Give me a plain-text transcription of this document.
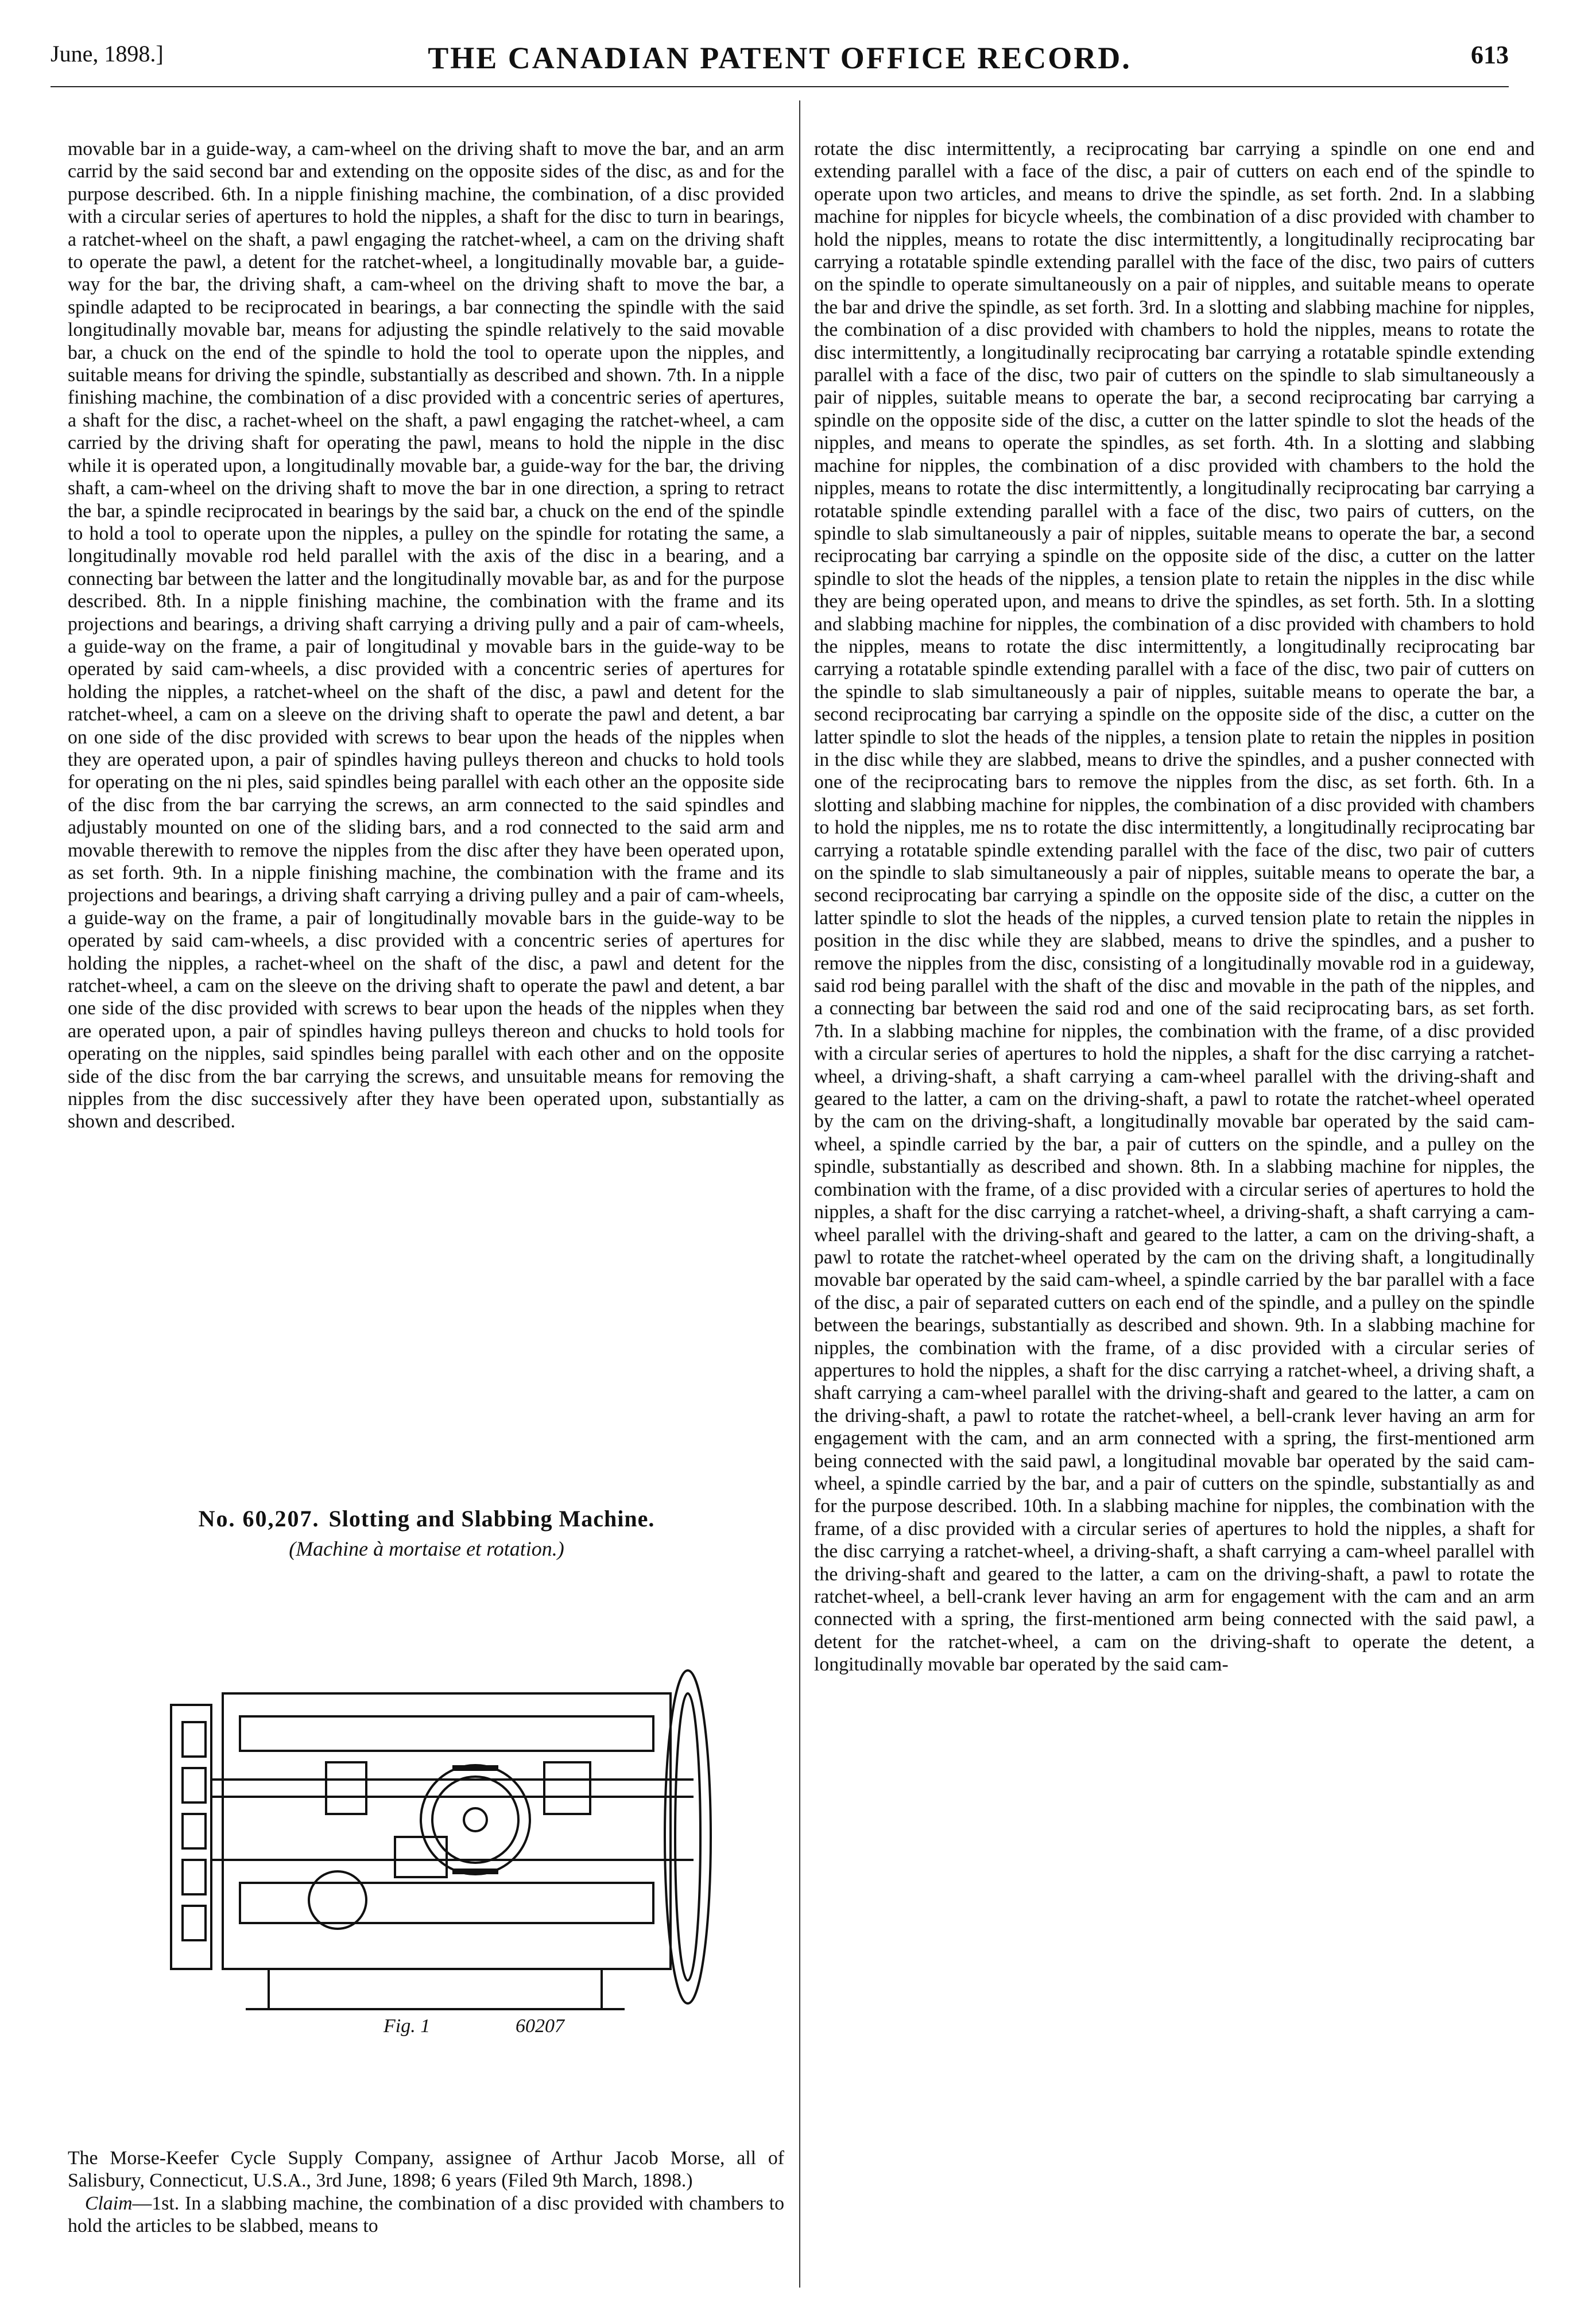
June, 1898.]	THE CANADIAN PATENT OFFICE RECORD.	613

movable bar in a guide-way, a cam-wheel on the driving shaft to move the bar, and an arm carrid by the said second bar and extending on the opposite sides of the disc, as and for the purpose described. 6th. In a nipple finishing machine, the combination, of a disc provided with a circular series of apertures to hold the nipples, a shaft for the disc to turn in bearings, a ratchet-wheel on the shaft, a pawl engaging the ratchet-wheel, a cam on the driving shaft to operate the pawl, a detent for the ratchet-wheel, a longitudinally movable bar, a guide-way for the bar, the driving shaft, a cam-wheel on the driving shaft to move the bar, a spindle adapted to be reciprocated in bearings, a bar connecting the spindle with the said longitudinally movable bar, means for adjusting the spindle relatively to the said movable bar, a chuck on the end of the spindle to hold the tool to operate upon the nipples, and suitable means for driving the spindle, substantially as described and shown. 7th. In a nipple finishing machine, the combination of a disc provided with a concentric series of apertures, a shaft for the disc, a rachet-wheel on the shaft, a pawl engaging the ratchet-wheel, a cam carried by the driving shaft for operating the pawl, means to hold the nipple in the disc while it is operated upon, a longitudinally movable bar, a guide-way for the bar, the driving shaft, a cam-wheel on the driving shaft to move the bar in one direction, a spring to retract the bar, a spindle reciprocated in bearings by the said bar, a chuck on the end of the spindle to hold a tool to operate upon the nipples, a pulley on the spindle for rotating the same, a longitudinally movable rod held parallel with the axis of the disc in a bearing, and a connecting bar between the latter and the longitudinally movable bar, as and for the purpose described. 8th. In a nipple finishing machine, the combination with the frame and its projections and bearings, a driving shaft carrying a driving pully and a pair of cam-wheels, a guide-way on the frame, a pair of longitudinal y movable bars in the guide-way to be operated by said cam-wheels, a disc provided with a concentric series of apertures for holding the nipples, a ratchet-wheel on the shaft of the disc, a pawl and detent for the ratchet-wheel, a cam on a sleeve on the driving shaft to operate the pawl and detent, a bar on one side of the disc provided with screws to bear upon the heads of the nipples when they are operated upon, a pair of spindles having pulleys thereon and chucks to hold tools for operating on the ni ples, said spindles being parallel with each other an the opposite side of the disc from the bar carrying the screws, an arm connected to the said spindles and adjustably mounted on one of the sliding bars, and a rod connected to the said arm and movable therewith to remove the nipples from the disc after they have been operated upon, as set forth. 9th. In a nipple finishing machine, the combination with the frame and its projections and bearings, a driving shaft carrying a driving pulley and a pair of cam-wheels, a guide-way on the frame, a pair of longitudinally movable bars in the guide-way to be operated by said cam-wheels, a disc provided with a concentric series of apertures for holding the nipples, a rachet-wheel on the shaft of the disc, a pawl and detent for the ratchet-wheel, a cam on the sleeve on the driving shaft to operate the pawl and detent, a bar one side of the disc provided with screws to bear upon the heads of the nipples when they are operated upon, a pair of spindles having pulleys thereon and chucks to hold tools for operating on the nipples, said spindles being parallel with each other and on the opposite side of the disc from the bar carrying the screws, and unsuitable means for removing the nipples from the disc successively after they have been operated upon, substantially as shown and described.

No. 60,207. Slotting and Slabbing Machine.
(Machine à mortaise et rotation.)
Fig. 1	60207

The Morse-Keefer Cycle Supply Company, assignee of Arthur Jacob Morse, all of Salisbury, Connecticut, U.S.A., 3rd June, 1898; 6 years (Filed 9th March, 1898.)

Claim—1st. In a slabbing machine, the combination of a disc provided with chambers to hold the articles to be slabbed, means to

rotate the disc intermittently, a reciprocating bar carrying a spindle on one end and extending parallel with a face of the disc, a pair of cutters on each end of the spindle to operate upon two articles, and means to drive the spindle, as set forth. 2nd. In a slabbing machine for nipples for bicycle wheels, the combination of a disc provided with chamber to hold the nipples, means to rotate the disc intermittently, a longitudinally reciprocating bar carrying a rotatable spindle extending parallel with the face of the disc, two pairs of cutters on the spindle to operate simultaneously on a pair of nipples, and suitable means to operate the bar and drive the spindle, as set forth. 3rd. In a slotting and slabbing machine for nipples, the combination of a disc provided with chambers to hold the nipples, means to rotate the disc intermittently, a longitudinally reciprocating bar carrying a rotatable spindle extending parallel with a face of the disc, two pair of cutters on the spindle to slab simultaneously a pair of nipples, suitable means to operate the bar, a second reciprocating bar carrying a spindle on the opposite side of the disc, a cutter on the latter spindle to slot the heads of the nipples, and means to operate the spindles, as set forth. 4th. In a slotting and slabbing machine for nipples, the combination of a disc provided with chambers to the hold the nipples, means to rotate the disc intermittently, a longitudinally reciprocating bar carrying a rotatable spindle extending parallel with a face of the disc, two pairs of cutters, on the spindle to slab simultaneously a pair of nipples, suitable means to operate the bar, a second reciprocating bar carrying a spindle on the opposite side of the disc, a cutter on the latter spindle to slot the heads of the nipples, a tension plate to retain the nipples in the disc while they are being operated upon, and means to drive the spindles, as set forth. 5th. In a slotting and slabbing machine for nipples, the combination of a disc provided with chambers to hold the nipples, means to rotate the disc intermittently, a longitudinally reciprocating bar carrying a rotatable spindle extending parallel with a face of the disc, two pair of cutters on the spindle to slab simultaneously a pair of nipples, suitable means to operate the bar, a second reciprocating bar carrying a spindle on the opposite side of the disc, a cutter on the latter spindle to slot the heads of the nipples, a tension plate to retain the nipples in position in the disc while they are slabbed, means to drive the spindles, and a pusher connected with one of the reciprocating bars to remove the nipples from the disc, as set forth. 6th. In a slotting and slabbing machine for nipples, the combination of a disc provided with chambers to hold the nipples, me ns to rotate the disc intermittently, a longitudinally reciprocating bar carrying a rotatable spindle extending parallel with the face of the disc, two pair of cutters on the spindle to slab simultaneously a pair of nipples, suitable means to operate the bar, a second reciprocating bar carrying a spindle on the opposite side of the disc, a cutter on the latter spindle to slot the heads of the nipples, a curved tension plate to retain the nipples in position in the disc while they are slabbed, means to drive the spindles, and a pusher to remove the nipples from the disc, consisting of a longitudinally movable rod in a guideway, said rod being parallel with the shaft of the disc and movable in the path of the nipples, and a connecting bar between the said rod and one of the said reciprocating bars, as set forth. 7th. In a slabbing machine for nipples, the combination with the frame, of a disc provided with a circular series of apertures to hold the nipples, a shaft for the disc carrying a ratchet-wheel, a driving-shaft, a shaft carrying a cam-wheel parallel with the driving-shaft and geared to the latter, a cam on the driving-shaft, a pawl to rotate the ratchet-wheel operated by the cam on the driving-shaft, a longitudinally movable bar operated by the said cam-wheel, a spindle carried by the bar, a pair of cutters on the spindle, and a pulley on the spindle, substantially as described and shown. 8th. In a slabbing machine for nipples, the combination with the frame, of a disc provided with a circular series of apertures to hold the nipples, a shaft for the disc carrying a ratchet-wheel, a driving-shaft, a shaft carrying a cam-wheel parallel with the driving-shaft and geared to the latter, a cam on the driving-shaft, a pawl to rotate the ratchet-wheel operated by the cam on the driving shaft, a longitudinally movable bar operated by the said cam-wheel, a spindle carried by the bar parallel with a face of the disc, a pair of separated cutters on each end of the spindle, and a pulley on the spindle between the bearings, substantially as described and shown. 9th. In a slabbing machine for nipples, the combination with the frame, of a disc provided with a circular series of appertures to hold the nipples, a shaft for the disc carrying a ratchet-wheel, a driving shaft, a shaft carrying a cam-wheel parallel with the driving-shaft and geared to the latter, a cam on the driving-shaft, a pawl to rotate the ratchet-wheel, a bell-crank lever having an arm for engagement with the cam, and an arm connected with a spring, the first-mentioned arm being connected with the said pawl, a longitudinal movable bar operated by the said cam-wheel, a spindle carried by the bar, and a pair of cutters on the spindle, substantially as and for the purpose described. 10th. In a slabbing machine for nipples, the combination with the frame, of a disc provided with a circular series of apertures to hold the nipples, a shaft for the disc carrying a ratchet-wheel, a driving-shaft, a shaft carrying a cam-wheel parallel with the driving-shaft and geared to the latter, a cam on the driving-shaft, a pawl to rotate the ratchet-wheel, a bell-crank lever having an arm for engagement with the cam and an arm connected with a spring, the first-mentioned arm being connected with the said pawl, a detent for the ratchet-wheel, a cam on the driving-shaft to operate the detent, a longitudinally movable bar operated by the said cam-
